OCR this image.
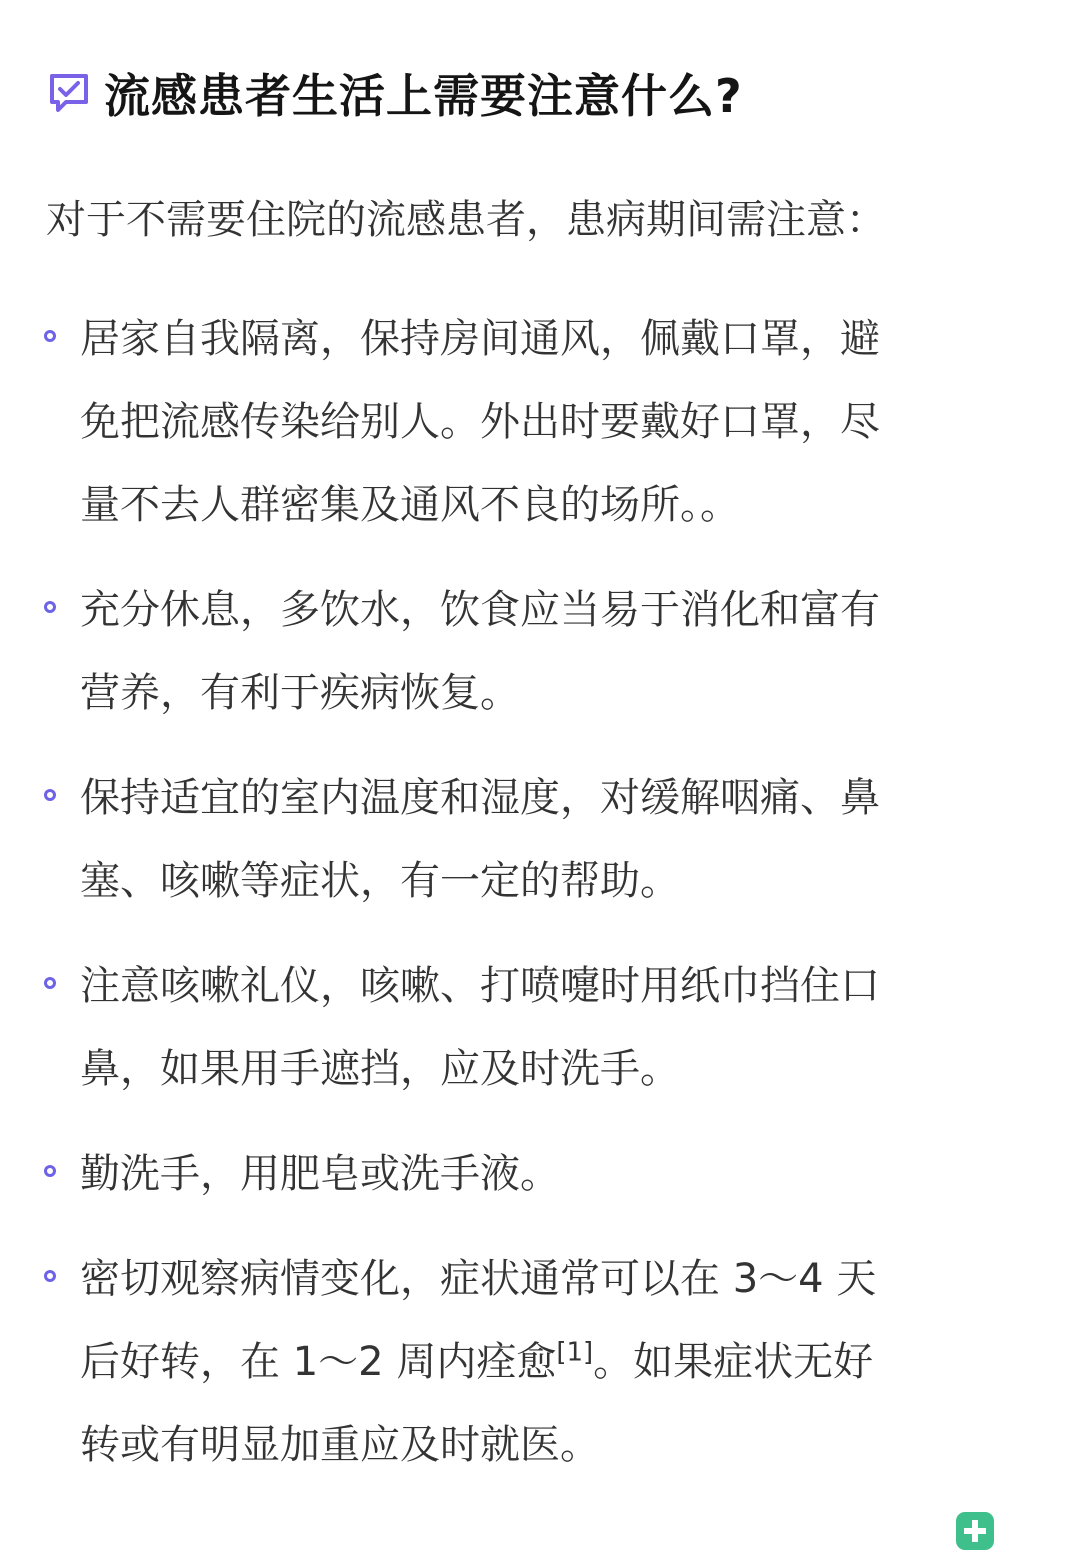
流感患者生活上需要注意什么?
对于不需要住院的流感患者，患病期间需注意：
居家自我隔离，保持房间通风，佩戴口罩，避
免把流感传染给别人。外出时要戴好口罩，尽
量不去人群密集及通风不良的场所。。
充分休息，多饮水，饮食应当易于消化和富有
营养，有利于疾病恢复。
保持适宜的室内温度和湿度，对缓解咽痛、鼻
塞、咳嗽等症状，有一定的帮助。
注意咳嗽礼仪，咳嗽、打喷嚏时用纸巾挡住口
鼻，如果用手遮挡，应及时洗手。
勤洗手，用肥皂或洗手液。
密切观察病情变化，症状通常可以在 3～4 天
后好转，在 1～2 周内痊愈[1]。如果症状无好
转或有明显加重应及时就医。
